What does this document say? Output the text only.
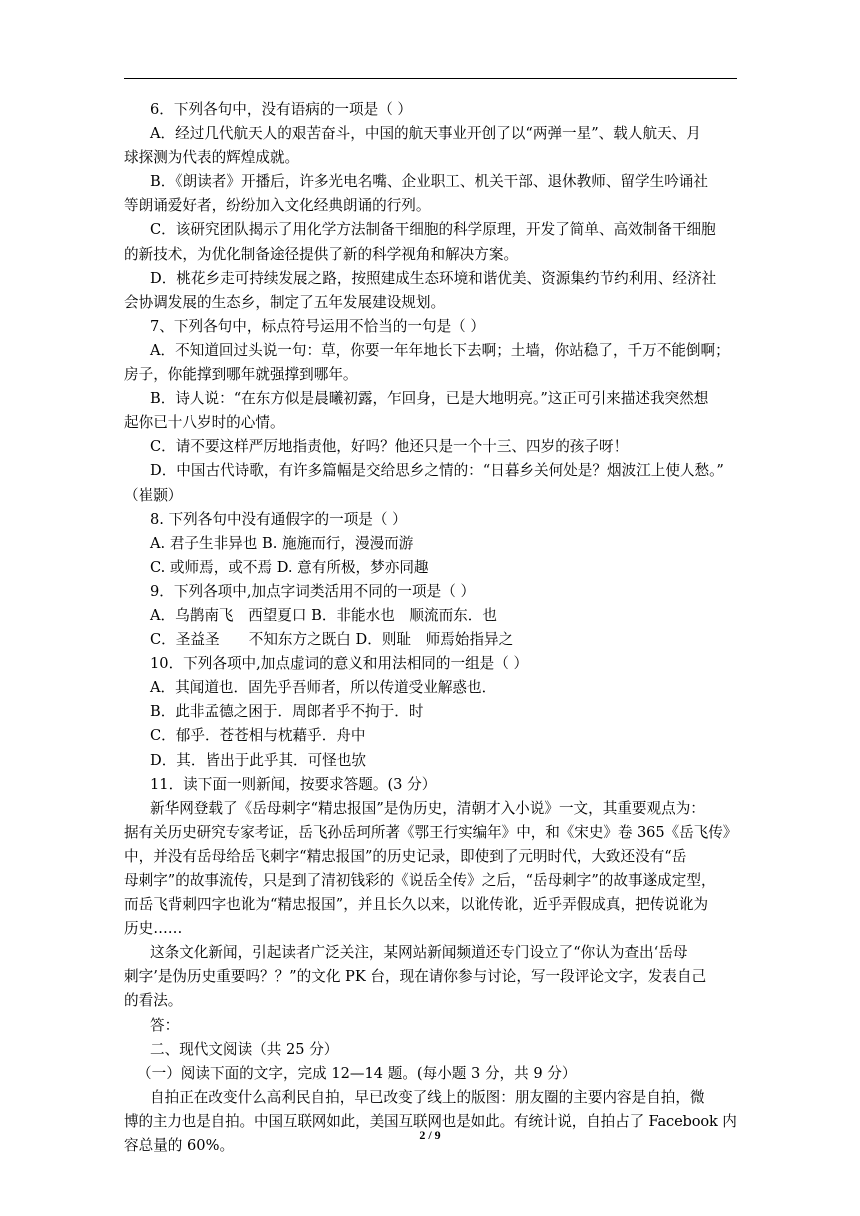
6．下列各句中，没有语病的一项是（ ）
A．经过几代航天人的艰苦奋斗，中国的航天事业开创了以“两弹一星”、载人航天、月
球探测为代表的辉煌成就。
B．《朗读者》开播后，许多光电名嘴、企业职工、机关干部、退休教师、留学生吟诵社
等朗诵爱好者，纷纷加入文化经典朗诵的行列。
C．该研究团队揭示了用化学方法制备干细胞的科学原理，开发了简单、高效制备干细胞
的新技术，为优化制备途径提供了新的科学视角和解决方案。
D．桃花乡走可持续发展之路，按照建成生态环境和谐优美、资源集约节约利用、经济社
会协调发展的生态乡，制定了五年发展建设规划。
7、下列各句中，标点符号运用不恰当的一句是（ ）
A．不知道回过头说一句：草，你要一年年地长下去啊；土墙，你站稳了，千万不能倒啊；
房子，你能撑到哪年就强撑到哪年。
B．诗人说：“在东方似是晨曦初露，乍回身，已是大地明亮。”这正可引来描述我突然想
起你已十八岁时的心情。
C．请不要这样严厉地指责他，好吗？他还只是一个十三、四岁的孩子呀！
D．中国古代诗歌，有许多篇幅是交给思乡之情的：“日暮乡关何处是？烟波江上使人愁。”
（崔颢）
8. 下列各句中没有通假字的一项是（ ）
A. 君子生非异也 B. 施施而行，漫漫而游
C. 或师焉，或不焉 D. 意有所极，梦亦同趣
9．下列各项中,加点字词类活用不同的一项是（ ）
A．乌鹊南飞　西望夏口 B．非能水也　顺流而东．也
C．圣益圣　　不知东方之既白 D．则耻　师焉始指异之
10．下列各项中,加点虚词的意义和用法相同的一组是（ ）
A．其闻道也．固先乎吾师者，所以传道受业解惑也．
B．此非孟德之困于．周郎者乎不拘于．时
C．郁乎．苍苍相与枕藉乎．舟中
D．其．皆出于此乎其．可怪也欤
11．读下面一则新闻，按要求答题。(3 分）
新华网登载了《岳母刺字“精忠报国”是伪历史，清朝才入小说》一文，其重要观点为：
据有关历史研究专家考证，岳飞孙岳珂所著《鄂王行实编年》中，和《宋史》卷 365《岳飞传》
中，并没有岳母给岳飞刺字“精忠报国”的历史记录，即使到了元明时代，大致还没有“岳
母刺字”的故事流传，只是到了清初钱彩的《说岳全传》之后，“岳母刺字”的故事遂成定型，
而岳飞背刺四字也讹为“精忠报国”，并且长久以来，以讹传讹，近乎弄假成真，把传说讹为
历史……
这条文化新闻，引起读者广泛关注，某网站新闻频道还专门设立了“你认为查出‘岳母
刺字’是伪历史重要吗？？”的文化 PK 台，现在请你参与讨论，写一段评论文字，发表自己
的看法。
答：
二、现代文阅读（共 25 分）
（一）阅读下面的文字，完成 12—14 题。(每小题 3 分，共 9 分）
自拍正在改变什么高利民自拍，早已改变了线上的版图：朋友圈的主要内容是自拍，微
博的主力也是自拍。中国互联网如此，美国互联网也是如此。有统计说，自拍占了 Facebook 内
容总量的 60%。
2 / 9
